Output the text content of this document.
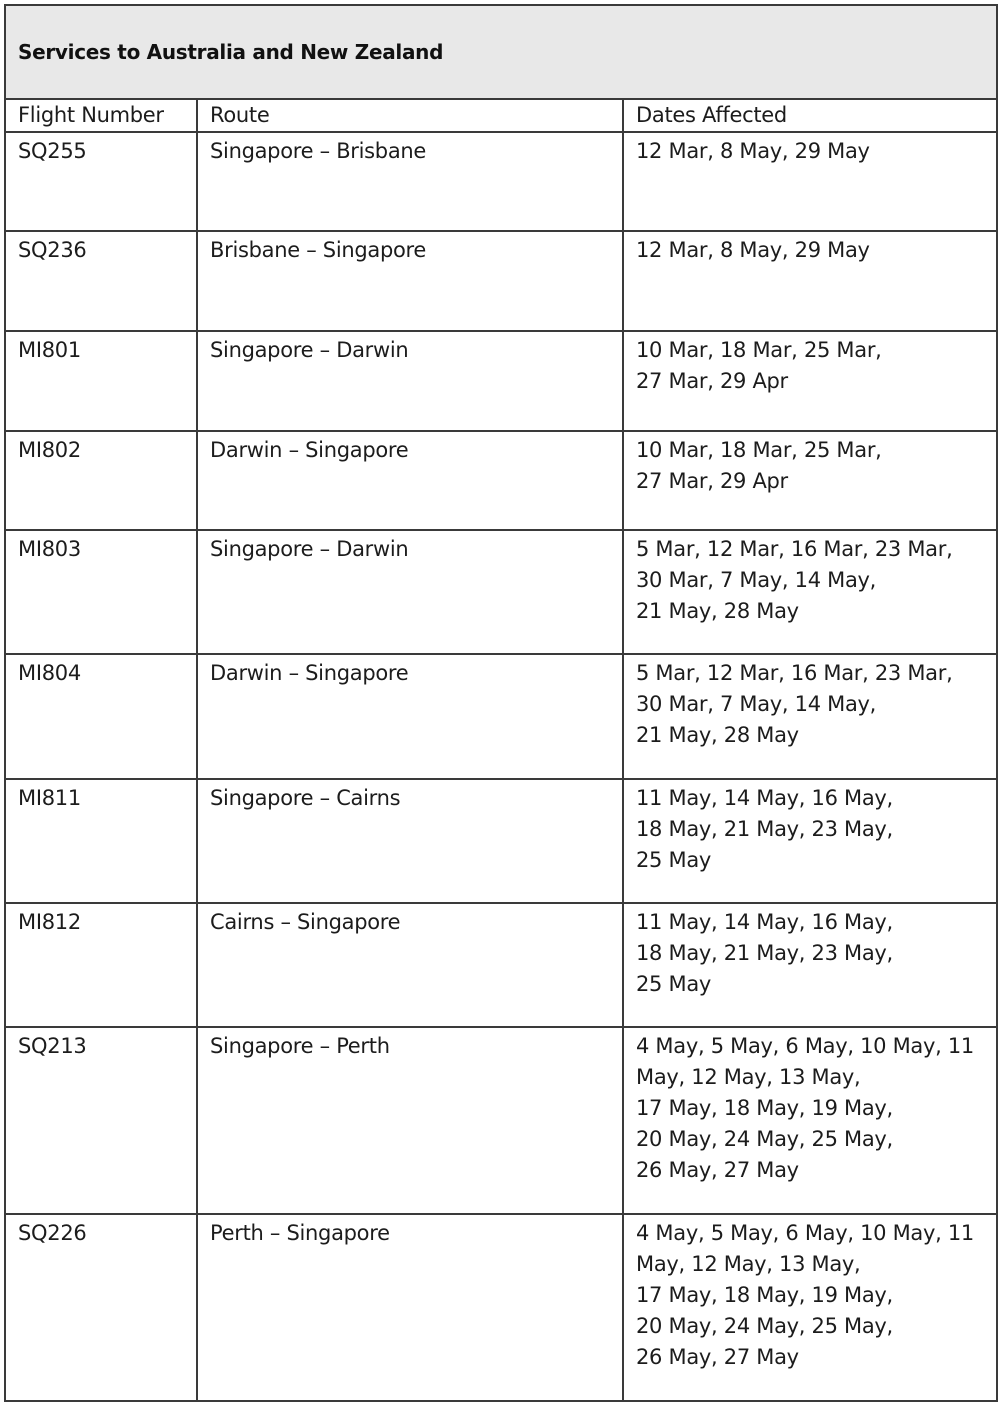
Services to Australia and New Zealand
Flight Number	Route	Dates Affected
SQ255	Singapore – Brisbane	12 Mar, 8 May, 29 May

SQ236	Brisbane – Singapore	12 Mar, 8 May, 29 May

MI801	Singapore – Darwin	10 Mar, 18 Mar, 25 Mar,
27 Mar, 29 Apr

MI802	Darwin – Singapore	10 Mar, 18 Mar, 25 Mar,
27 Mar, 29 Apr

MI803	Singapore – Darwin	5 Mar, 12 Mar, 16 Mar, 23 Mar,
30 Mar, 7 May, 14 May,
21 May, 28 May

MI804	Darwin – Singapore	5 Mar, 12 Mar, 16 Mar, 23 Mar,
30 Mar, 7 May, 14 May,
21 May, 28 May

MI811	Singapore – Cairns	11 May, 14 May, 16 May,
18 May, 21 May, 23 May,
25 May

MI812	Cairns – Singapore	11 May, 14 May, 16 May,
18 May, 21 May, 23 May,
25 May

SQ213	Singapore – Perth	4 May, 5 May, 6 May, 10 May, 11
May, 12 May, 13 May,
17 May, 18 May, 19 May,
20 May, 24 May, 25 May,
26 May, 27 May

SQ226	Perth – Singapore	4 May, 5 May, 6 May, 10 May, 11
May, 12 May, 13 May,
17 May, 18 May, 19 May,
20 May, 24 May, 25 May,
26 May, 27 May
